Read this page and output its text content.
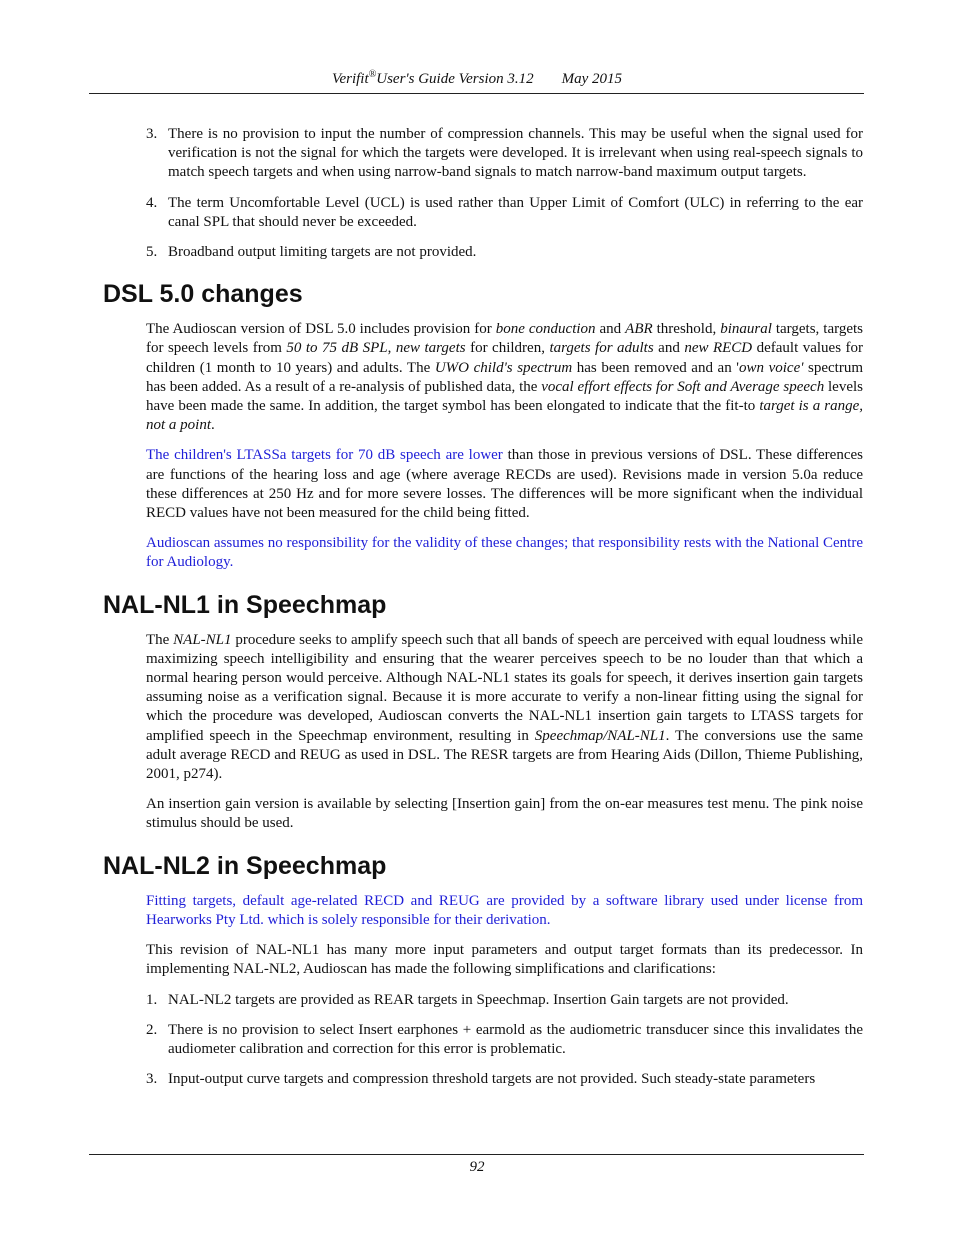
Verifit®User's Guide Version 3.12 May 2015
3. There is no provision to input the number of compression channels. This may be useful when the signal used for verification is not the signal for which the targets were developed. It is irrelevant when using real-speech signals to match speech targets and when using narrow-band signals to match narrow-band maximum output targets.
4. The term Uncomfortable Level (UCL) is used rather than Upper Limit of Comfort (ULC) in referring to the ear canal SPL that should never be exceeded.
5. Broadband output limiting targets are not provided.
DSL 5.0 changes

The Audioscan version of DSL 5.0 includes provision for bone conduction and ABR threshold, binaural targets, targets for speech levels from 50 to 75 dB SPL, new targets for children, targets for adults and new RECD default values for children (1 month to 10 years) and adults. The UWO child's spectrum has been removed and an 'own voice' spectrum has been added. As a result of a re-analysis of published data, the vocal effort effects for Soft and Average speech levels have been made the same. In addition, the target symbol has been elongated to indicate that the fit-to target is a range, not a point.

The children's LTASSa targets for 70 dB speech are lower than those in previous versions of DSL. These differences are functions of the hearing loss and age (where average RECDs are used). Revisions made in version 5.0a reduce these differences at 250 Hz and for more severe losses. The differences will be more significant when the individual RECD values have not been measured for the child being fitted.

Audioscan assumes no responsibility for the validity of these changes; that responsibility rests with the National Centre for Audiology.

NAL-NL1 in Speechmap

The NAL-NL1 procedure seeks to amplify speech such that all bands of speech are perceived with equal loudness while maximizing speech intelligibility and ensuring that the wearer perceives speech to be no louder than that which a normal hearing person would perceive. Although NAL-NL1 states its goals for speech, it derives insertion gain targets assuming noise as a verification signal. Because it is more accurate to verify a non-linear fitting using the signal for which the procedure was developed, Audioscan converts the NAL-NL1 insertion gain targets to LTASS targets for amplified speech in the Speechmap environment, resulting in Speechmap/NAL-NL1. The conversions use the same adult average RECD and REUG as used in DSL. The RESR targets are from Hearing Aids (Dillon, Thieme Publishing, 2001, p274).

An insertion gain version is available by selecting [Insertion gain] from the on-ear measures test menu. The pink noise stimulus should be used.

NAL-NL2 in Speechmap

Fitting targets, default age-related RECD and REUG are provided by a software library used under license from Hearworks Pty Ltd. which is solely responsible for their derivation.

This revision of NAL-NL1 has many more input parameters and output target formats than its predecessor. In implementing NAL-NL2, Audioscan has made the following simplifications and clarifications:

1. NAL-NL2 targets are provided as REAR targets in Speechmap. Insertion Gain targets are not provided.
2. There is no provision to select Insert earphones + earmold as the audiometric transducer since this invalidates the audiometer calibration and correction for this error is problematic.
3. Input-output curve targets and compression threshold targets are not provided. Such steady-state parameters
92
